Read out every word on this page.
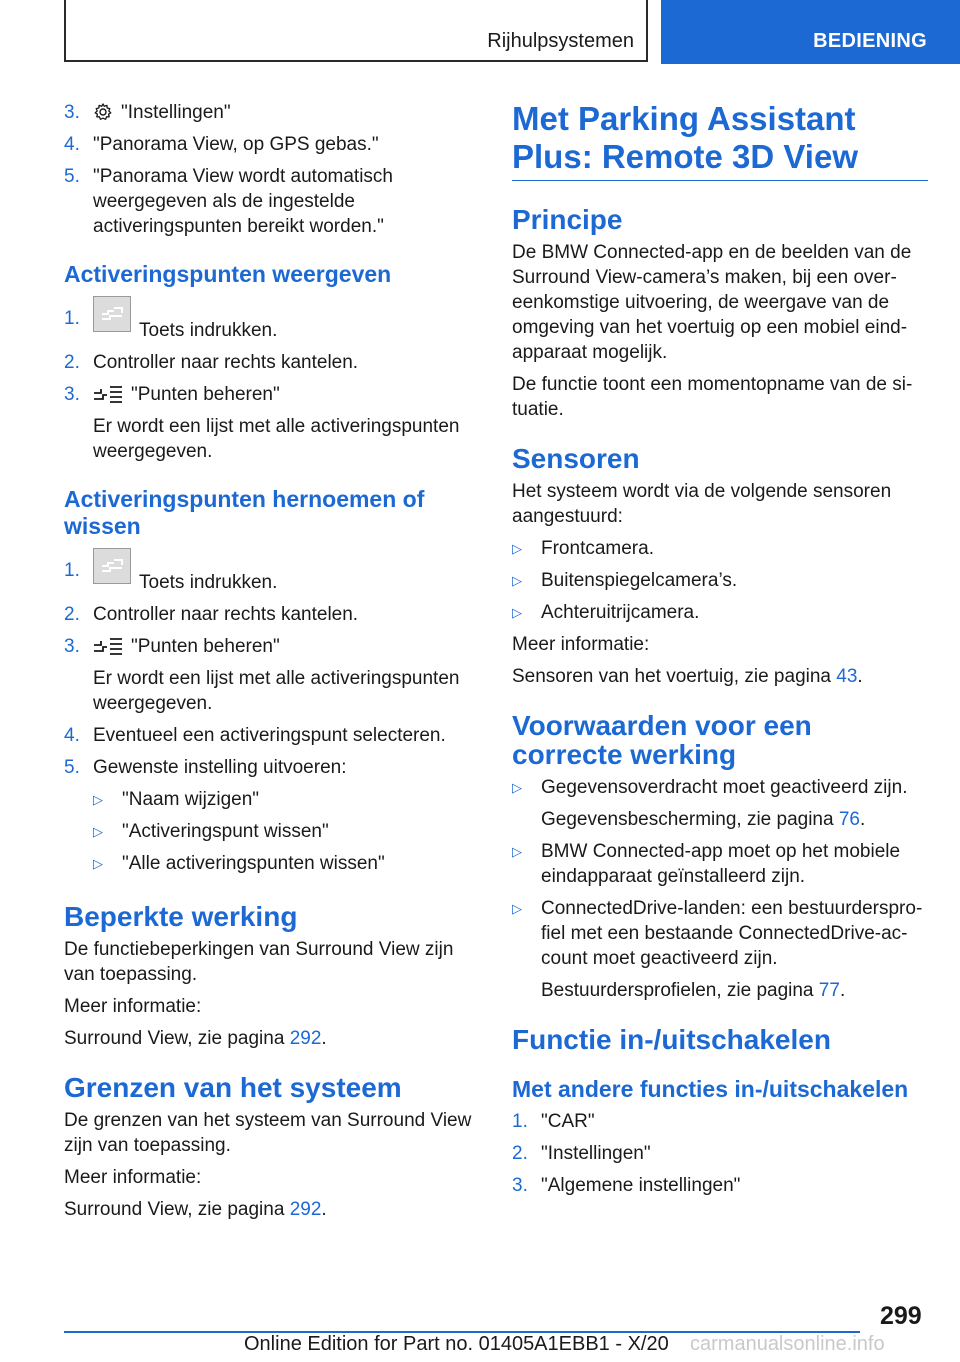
Rijhulpsystemen	BEDIENING
3. "Instellingen"
4. "Panorama View, op GPS gebas."
5. "Panorama View wordt automatisch weergegeven als de ingestelde activeringspunten bereikt worden."
Activeringspunten weergeven
1.
Toets indrukken.
2. Controller naar rechts kantelen.
3.	"Punten beheren"
Er wordt een lijst met alle activeringspunten weergegeven.
Activeringspunten hernoemen of wissen
1.
Toets indrukken.
2. Controller naar rechts kantelen.
3.	"Punten beheren"
Er wordt een lijst met alle activeringspunten weergegeven.
4. Eventueel een activeringspunt selecteren.
5. Gewenste instelling uitvoeren:
▷ "Naam wijzigen"
▷ "Activeringspunt wissen"
▷ "Alle activeringspunten wissen"
Beperkte werking

De functiebeperkingen van Surround View zijn van toepassing.

Meer informatie:

Surround View, zie pagina 292.

Grenzen van het systeem

De grenzen van het systeem van Surround View zijn van toepassing.

Meer informatie:

Surround View, zie pagina 292.

Met Parking Assistant Plus: Remote 3D View
Principe

De BMW Connected-app en de beelden van de Surround View-camera’s maken, bij een overeenkomstige uitvoering, de weergave van de omgeving van het voertuig op een mobiel eindapparaat mogelijk.

De functie toont een momentopname van de situatie.

Sensoren

Het systeem wordt via de volgende sensoren aangestuurd:

▷ Frontcamera.
▷ Buitenspiegelcamera’s.
▷ Achteruitrijcamera.

Meer informatie:

Sensoren van het voertuig, zie pagina 43.

Voorwaarden voor een correcte werking
▷ Gegevensoverdracht moet geactiveerd zijn.
Gegevensbescherming, zie pagina 76.
▷ BMW Connected-app moet op het mobiele eindapparaat geïnstalleerd zijn.
▷ ConnectedDrive-landen: een bestuurdersprofiel met een bestaande ConnectedDrive-account moet geactiveerd zijn.
Bestuurdersprofielen, zie pagina 77.
Functie in-/uitschakelen
Met andere functies in-/uitschakelen
1. "CAR"
2. "Instellingen"
3. "Algemene instellingen"
299
Online Edition for Part no. 01405A1EBB1 - X/20 carmanualsonline.info
